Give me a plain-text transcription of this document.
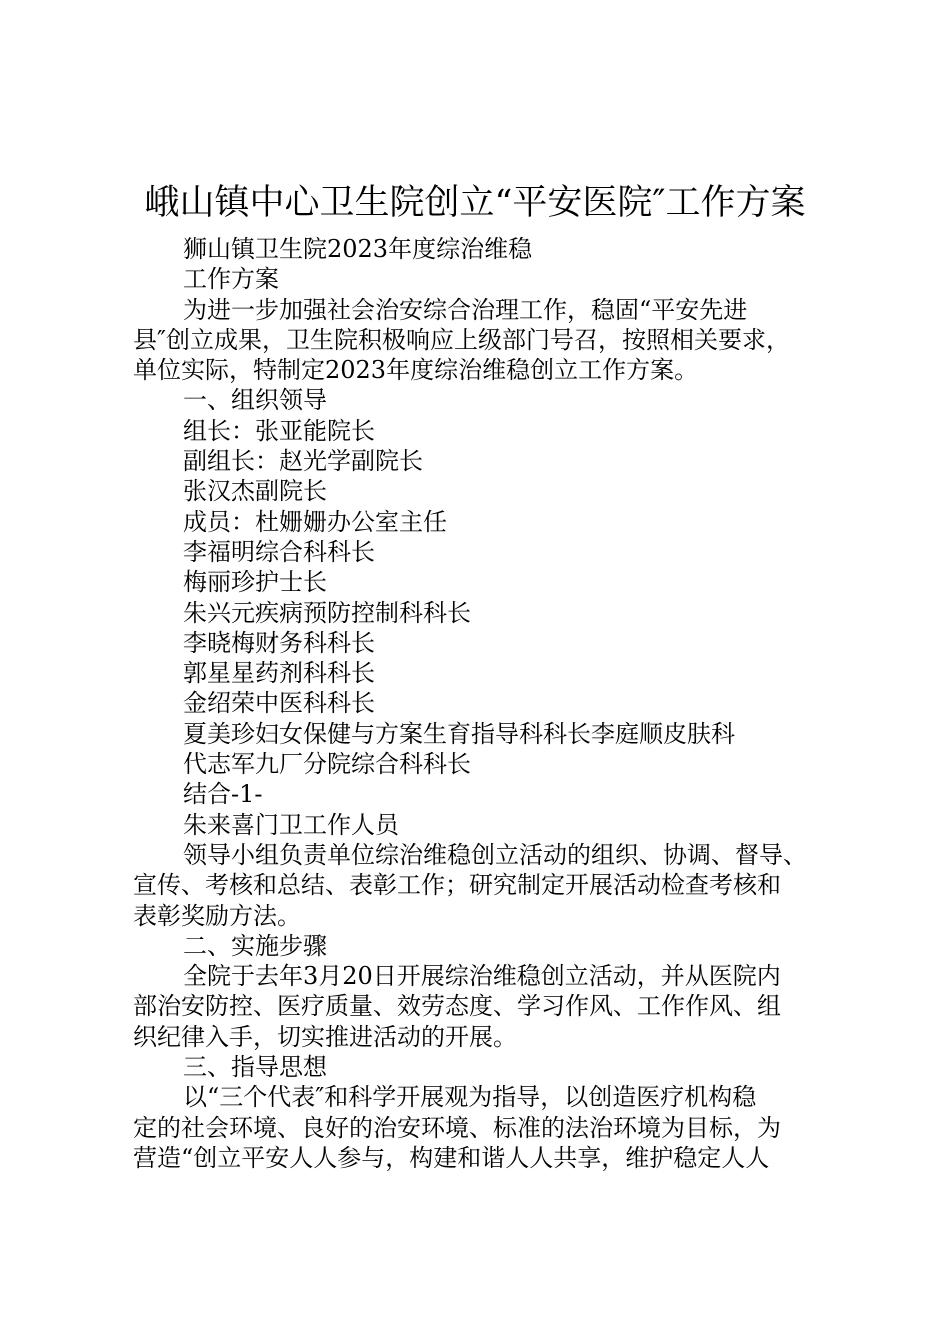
峨山镇中心卫生院创立“平安医院″工作方案
狮山镇卫生院2023年度综治维稳
工作方案
为进一步加强社会治安综合治理工作，稳固“平安先进
县″创立成果，卫生院积极响应上级部门号召，按照相关要求，
单位实际，特制定2023年度综治维稳创立工作方案。
一、组织领导
组长：张亚能院长
副组长：赵光学副院长
张汉杰副院长
成员：杜姗姗办公室主任
李福明综合科科长
梅丽珍护士长
朱兴元疾病预防控制科科长
李晓梅财务科科长
郭星星药剂科科长
金绍荣中医科科长
夏美珍妇女保健与方案生育指导科科长李庭顺皮肤科
代志军九厂分院综合科科长
结合-1-
朱来喜门卫工作人员
领导小组负责单位综治维稳创立活动的组织、协调、督导、
宣传、考核和总结、表彰工作；研究制定开展活动检查考核和
表彰奖励方法。
二、实施步骤
全院于去年3月20日开展综治维稳创立活动，并从医院内
部治安防控、医疗质量、效劳态度、学习作风、工作作风、组
织纪律入手，切实推进活动的开展。
三、指导思想
以“三个代表″和科学开展观为指导，以创造医疗机构稳
定的社会环境、良好的治安环境、标准的法治环境为目标，为
营造“创立平安人人参与，构建和谐人人共享，维护稳定人人
